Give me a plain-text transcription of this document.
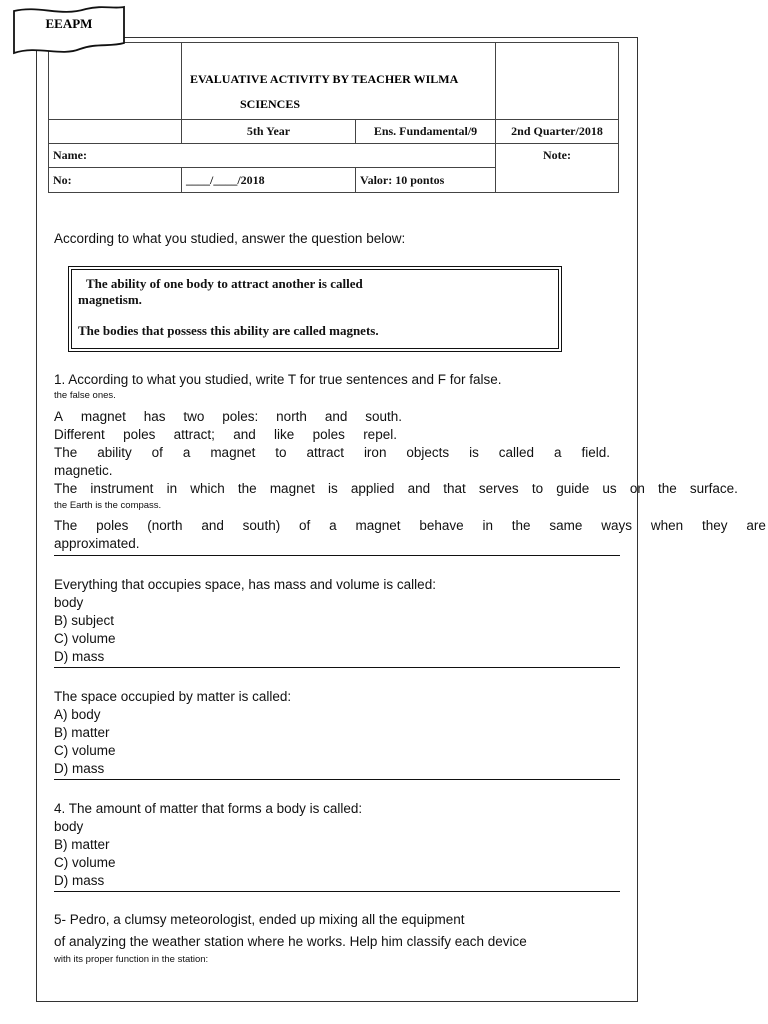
	5th Year	Ens. Fundamental/9	2nd Quarter/2018
Name:			Note:
No:	____/____/2018	Valor: 10 pontos	
EEAPM
EVALUATIVE ACTIVITY BY TEACHER WILMA
SCIENCES
According to what you studied, answer the question below:

The ability of one body to attract another is called

magnetism.

The bodies that possess this ability are called magnets.

1. According to what you studied, write T for true sentences and F for false.
the false ones.
A magnet has two poles: north and south.
Different poles attract; and like poles repel.
The ability of a magnet to attract iron objects is called a field.
magnetic.
The instrument in which the magnet is applied and that serves to guide us on the surface.
the Earth is the compass.
The poles (north and south) of a magnet behave in the same ways when they are
approximated.
Everything that occupies space, has mass and volume is called:
body
B) subject
C) volume
D) mass
The space occupied by matter is called:
A) body
B) matter
C) volume
D) mass
4. The amount of matter that forms a body is called:
body
B) matter
C) volume
D) mass
5- Pedro, a clumsy meteorologist, ended up mixing all the equipment
of analyzing the weather station where he works. Help him classify each device
with its proper function in the station:
